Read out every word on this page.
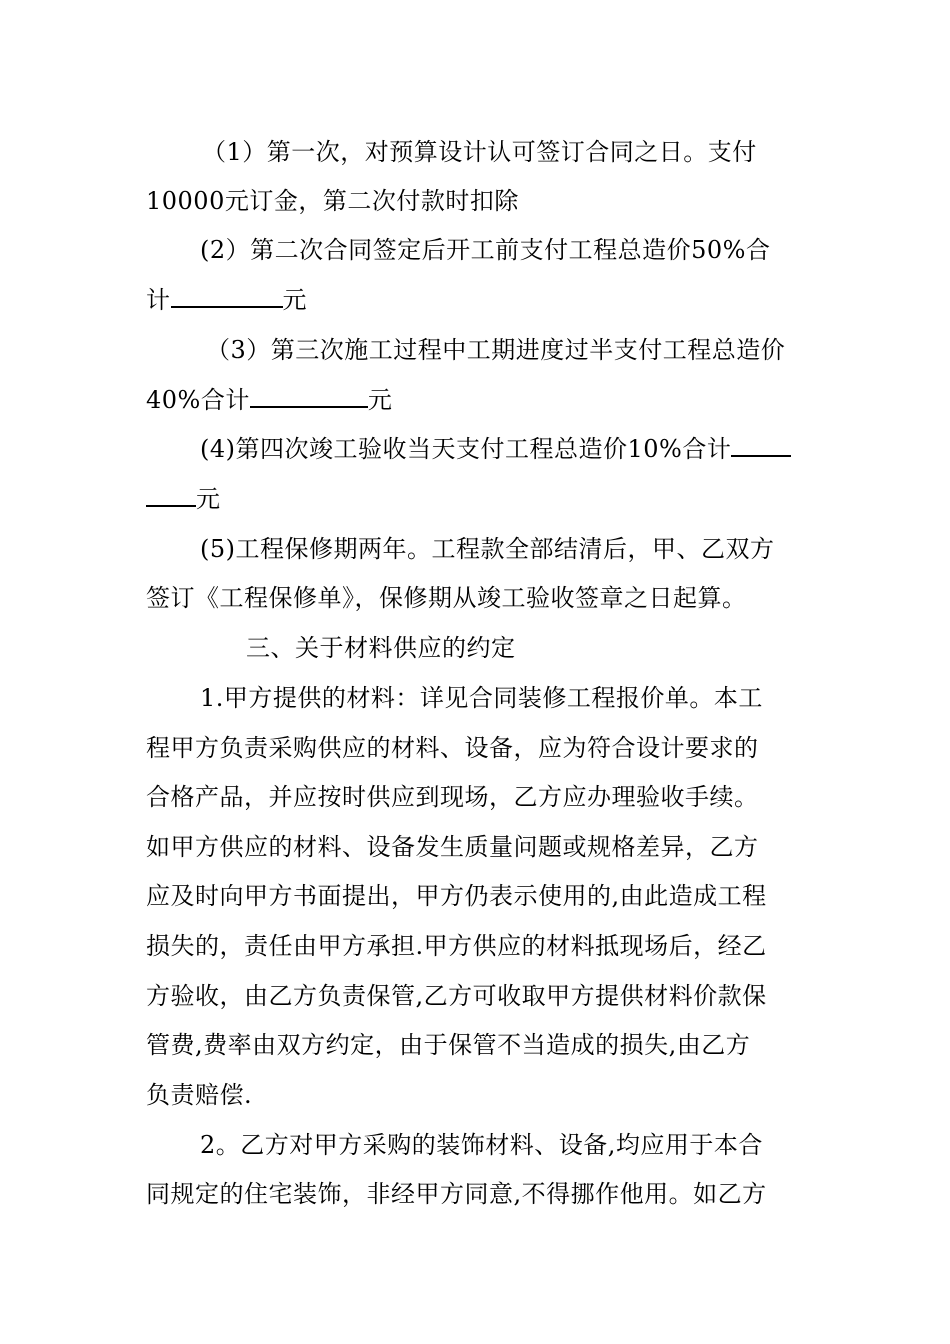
（1）第一次，对预算设计认可签订合同之日。支付
10000元订金，第二次付款时扣除
(2）第二次合同签定后开工前支付工程总造价50%合
计	元
（3）第三次施工过程中工期进度过半支付工程总造价
40%合计	元
(4)第四次竣工验收当天支付工程总造价10%合计
元
(5)工程保修期两年。工程款全部结清后，甲、乙双方
签订《工程保修单》，保修期从竣工验收签章之日起算。
三、关于材料供应的约定
1.甲方提供的材料：详见合同装修工程报价单。本工
程甲方负责采购供应的材料、设备，应为符合设计要求的
合格产品，并应按时供应到现场，乙方应办理验收手续。
如甲方供应的材料、设备发生质量问题或规格差异，乙方
应及时向甲方书面提出，甲方仍表示使用的,由此造成工程
损失的，责任由甲方承担.甲方供应的材料抵现场后，经乙
方验收，由乙方负责保管,乙方可收取甲方提供材料价款保
管费,费率由双方约定，由于保管不当造成的损失,由乙方
负责赔偿.
2。乙方对甲方采购的装饰材料、设备,均应用于本合
同规定的住宅装饰，非经甲方同意,不得挪作他用。如乙方
